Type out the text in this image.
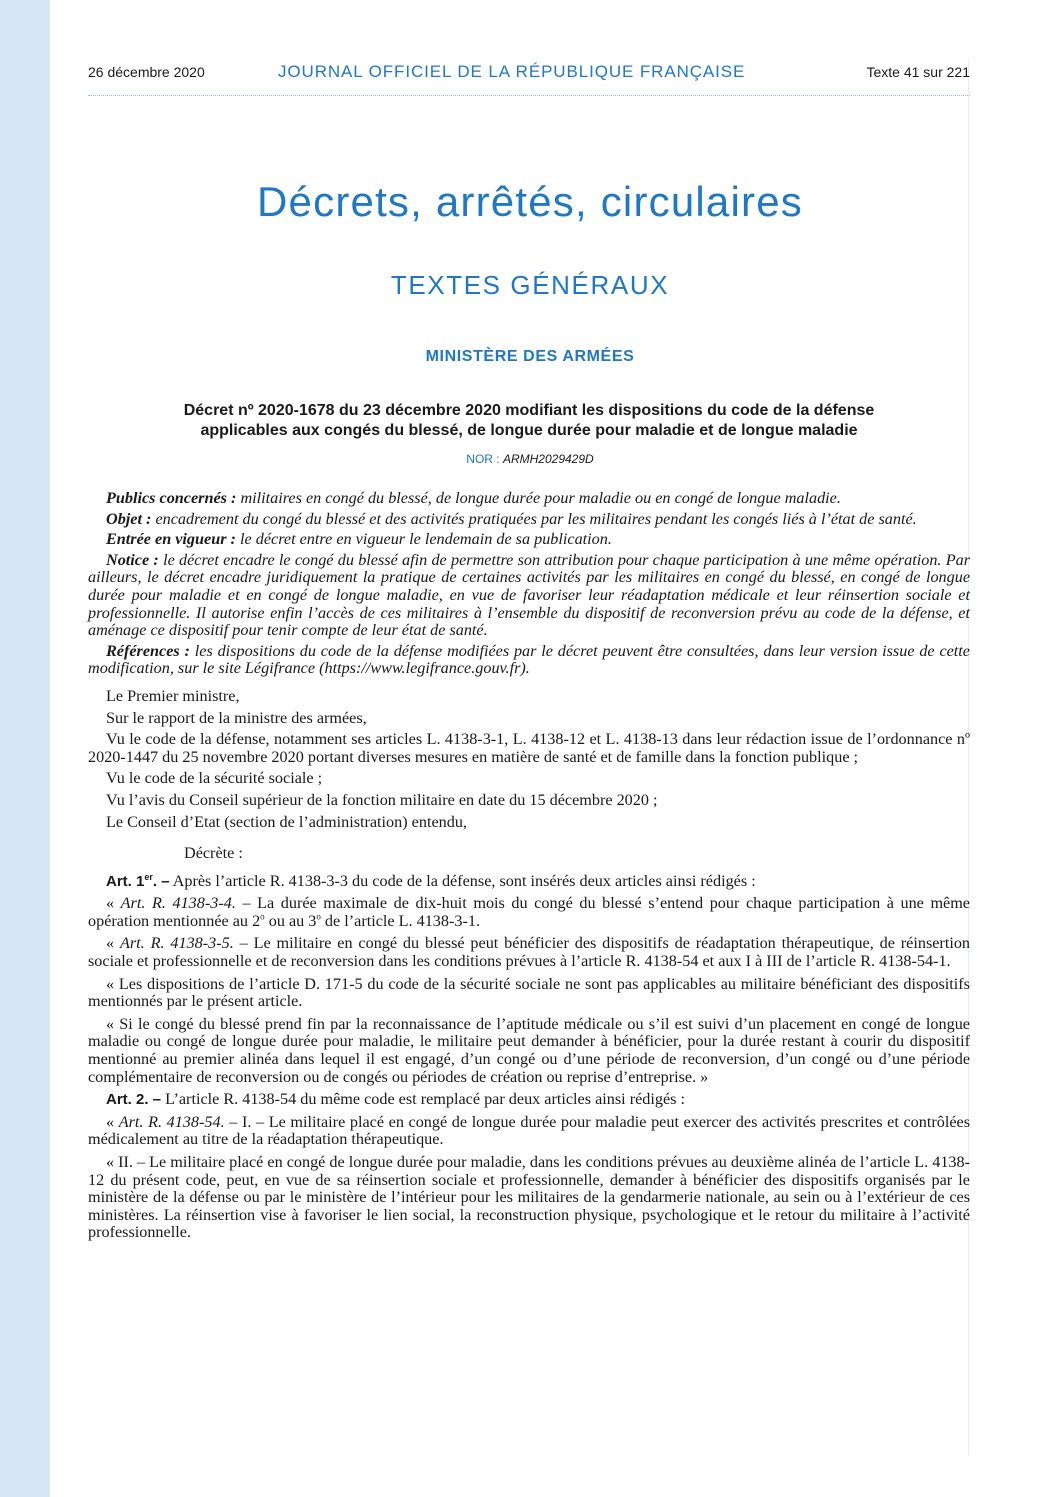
26 décembre 2020	JOURNAL OFFICIEL DE LA RÉPUBLIQUE FRANÇAISE	Texte 41 sur 221
Décrets, arrêtés, circulaires
TEXTES GÉNÉRAUX
MINISTÈRE DES ARMÉES
Décret nº 2020-1678 du 23 décembre 2020 modifiant les dispositions du code de la défense
applicables aux congés du blessé, de longue durée pour maladie et de longue maladie
NOR : ARMH2029429D

Publics concernés : militaires en congé du blessé, de longue durée pour maladie ou en congé de longue maladie.

Objet : encadrement du congé du blessé et des activités pratiquées par les militaires pendant les congés liés à l’état de santé.

Entrée en vigueur : le décret entre en vigueur le lendemain de sa publication.

Notice : le décret encadre le congé du blessé afin de permettre son attribution pour chaque participation à une même opération. Par ailleurs, le décret encadre juridiquement la pratique de certaines activités par les militaires en congé du blessé, en congé de longue durée pour maladie et en congé de longue maladie, en vue de favoriser leur réadaptation médicale et leur réinsertion sociale et professionnelle. Il autorise enfin l’accès de ces militaires à l’ensemble du dispositif de reconversion prévu au code de la défense, et aménage ce dispositif pour tenir compte de leur état de santé.

Références : les dispositions du code de la défense modifiées par le décret peuvent être consultées, dans leur version issue de cette modification, sur le site Légifrance (https://www.legifrance.gouv.fr).

Le Premier ministre,

Sur le rapport de la ministre des armées,

Vu le code de la défense, notamment ses articles L. 4138-3-1, L. 4138-12 et L. 4138-13 dans leur rédaction issue de l’ordonnance nº 2020-1447 du 25 novembre 2020 portant diverses mesures en matière de santé et de famille dans la fonction publique ;

Vu le code de la sécurité sociale ;

Vu l’avis du Conseil supérieur de la fonction militaire en date du 15 décembre 2020 ;

Le Conseil d’Etat (section de l’administration) entendu,

Décrète :

Art. 1er. – Après l’article R. 4138-3-3 du code de la défense, sont insérés deux articles ainsi rédigés :

« Art. R. 4138-3-4. – La durée maximale de dix-huit mois du congé du blessé s’entend pour chaque participation à une même opération mentionnée au 2$^o$ ou au 3$^o$ de l’article L. 4138-3-1.

« Art. R. 4138-3-5. – Le militaire en congé du blessé peut bénéficier des dispositifs de réadaptation thérapeutique, de réinsertion sociale et professionnelle et de reconversion dans les conditions prévues à l’article R. 4138-54 et aux I à III de l’article R. 4138-54-1.

« Les dispositions de l’article D. 171-5 du code de la sécurité sociale ne sont pas applicables au militaire bénéficiant des dispositifs mentionnés par le présent article.

« Si le congé du blessé prend fin par la reconnaissance de l’aptitude médicale ou s’il est suivi d’un placement en congé de longue maladie ou congé de longue durée pour maladie, le militaire peut demander à bénéficier, pour la durée restant à courir du dispositif mentionné au premier alinéa dans lequel il est engagé, d’un congé ou d’une période de reconversion, d’un congé ou d’une période complémentaire de reconversion ou de congés ou périodes de création ou reprise d’entreprise. »

Art. 2. – L’article R. 4138-54 du même code est remplacé par deux articles ainsi rédigés :

« Art. R. 4138-54. – I. – Le militaire placé en congé de longue durée pour maladie peut exercer des activités prescrites et contrôlées médicalement au titre de la réadaptation thérapeutique.

« II. – Le militaire placé en congé de longue durée pour maladie, dans les conditions prévues au deuxième alinéa de l’article L. 4138-12 du présent code, peut, en vue de sa réinsertion sociale et professionnelle, demander à bénéficier des dispositifs organisés par le ministère de la défense ou par le ministère de l’intérieur pour les militaires de la gendarmerie nationale, au sein ou à l’extérieur de ces ministères. La réinsertion vise à favoriser le lien social, la reconstruction physique, psychologique et le retour du militaire à l’activité professionnelle.
